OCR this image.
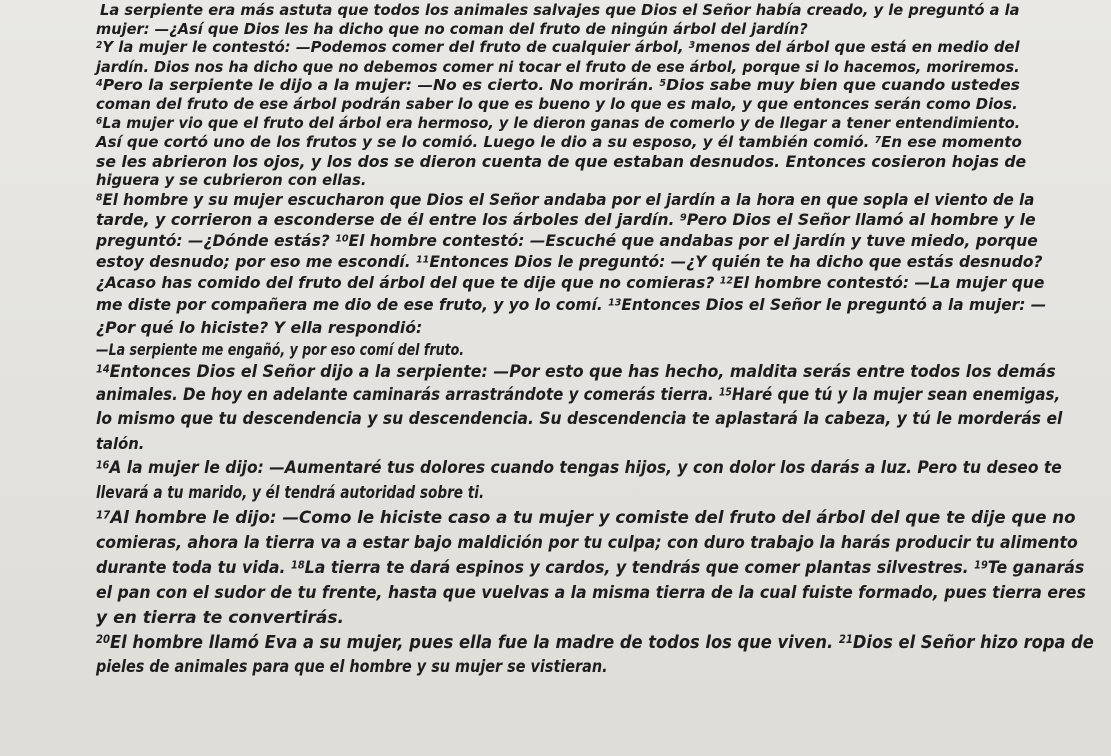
La serpiente era más astuta que todos los animales salvajes que Dios el Señor había creado, y le preguntó a la
mujer: —¿Así que Dios les ha dicho que no coman del fruto de ningún árbol del jardín?
$^2$Y la mujer le contestó: —Podemos comer del fruto de cualquier árbol, $^3$menos del árbol que está en medio del
jardín. Dios nos ha dicho que no debemos comer ni tocar el fruto de ese árbol, porque si lo hacemos, moriremos.
$^4$Pero la serpiente le dijo a la mujer: —No es cierto. No morirán. $^5$Dios sabe muy bien que cuando ustedes
coman del fruto de ese árbol podrán saber lo que es bueno y lo que es malo, y que entonces serán como Dios.
$^6$La mujer vio que el fruto del árbol era hermoso, y le dieron ganas de comerlo y de llegar a tener entendimiento.
Así que cortó uno de los frutos y se lo comió. Luego le dio a su esposo, y él también comió. $^7$En ese momento
se les abrieron los ojos, y los dos se dieron cuenta de que estaban desnudos. Entonces cosieron hojas de
higuera y se cubrieron con ellas.
$^8$El hombre y su mujer escucharon que Dios el Señor andaba por el jardín a la hora en que sopla el viento de la
tarde, y corrieron a esconderse de él entre los árboles del jardín. $^9$Pero Dios el Señor llamó al hombre y le
preguntó: —¿Dónde estás? $^{10}$El hombre contestó: —Escuché que andabas por el jardín y tuve miedo, porque
estoy desnudo; por eso me escondí. $^{11}$Entonces Dios le preguntó: —¿Y quién te ha dicho que estás desnudo?
¿Acaso has comido del fruto del árbol del que te dije que no comieras? $^{12}$El hombre contestó: —La mujer que
me diste por compañera me dio de ese fruto, y yo lo comí. $^{13}$Entonces Dios el Señor le preguntó a la mujer: —
¿Por qué lo hiciste? Y ella respondió:
—La serpiente me engañó, y por eso comí del fruto.
$^{14}$Entonces Dios el Señor dijo a la serpiente: —Por esto que has hecho, maldita serás entre todos los demás
animales. De hoy en adelante caminarás arrastrándote y comerás tierra. $^{15}$Haré que tú y la mujer sean enemigas,
lo mismo que tu descendencia y su descendencia. Su descendencia te aplastará la cabeza, y tú le morderás el
talón.
$^{16}$A la mujer le dijo: —Aumentaré tus dolores cuando tengas hijos, y con dolor los darás a luz. Pero tu deseo te
llevará a tu marido, y él tendrá autoridad sobre ti.
$^{17}$Al hombre le dijo: —Como le hiciste caso a tu mujer y comiste del fruto del árbol del que te dije que no
comieras, ahora la tierra va a estar bajo maldición por tu culpa; con duro trabajo la harás producir tu alimento
durante toda tu vida. $^{18}$La tierra te dará espinos y cardos, y tendrás que comer plantas silvestres. $^{19}$Te ganarás
el pan con el sudor de tu frente, hasta que vuelvas a la misma tierra de la cual fuiste formado, pues tierra eres
y en tierra te convertirás.
$^{20}$El hombre llamó Eva a su mujer, pues ella fue la madre de todos los que viven. $^{21}$Dios el Señor hizo ropa de
pieles de animales para que el hombre y su mujer se vistieran.
